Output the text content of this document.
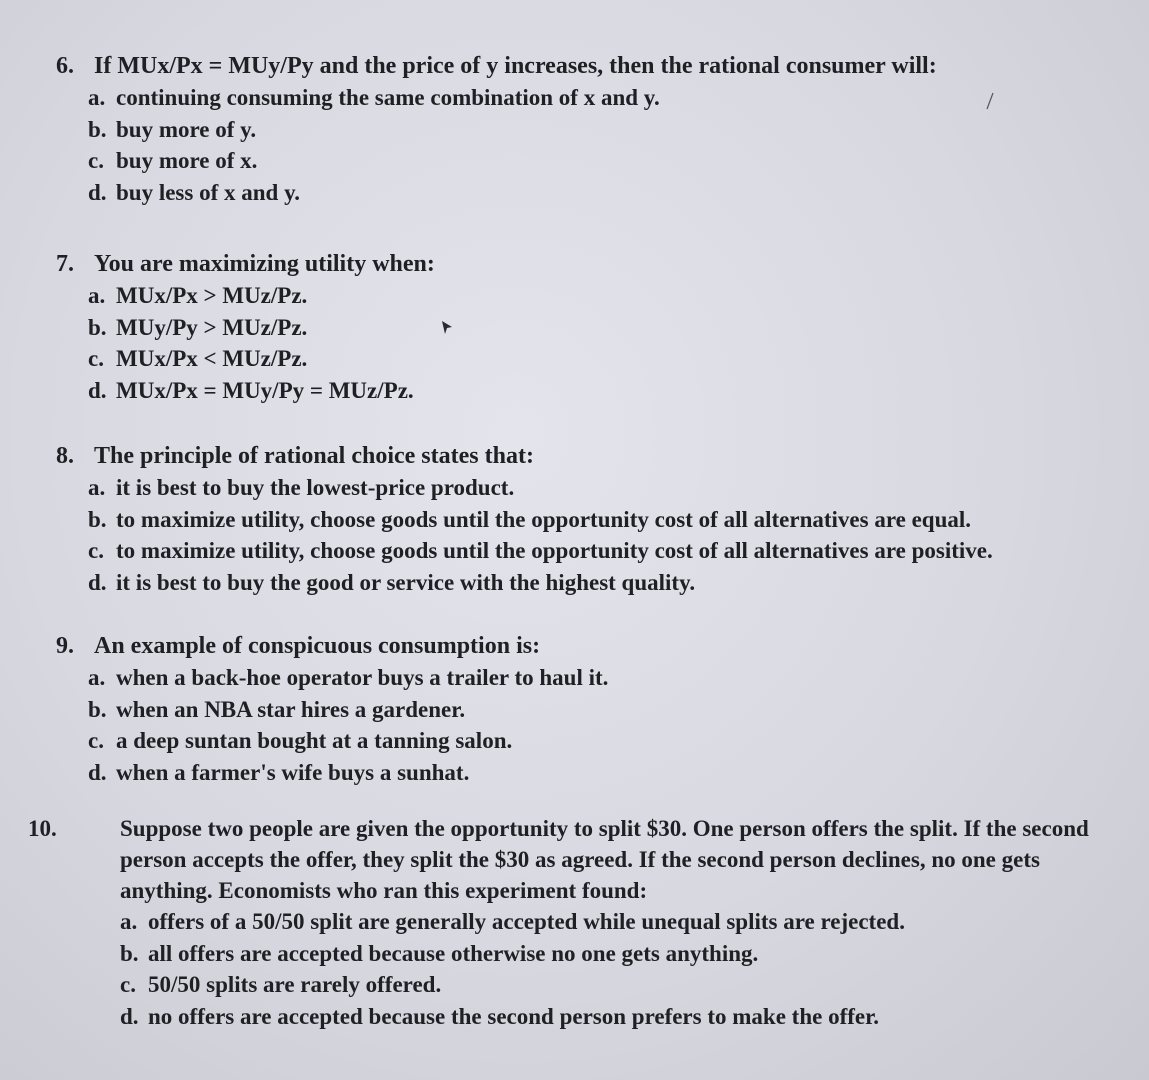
6. If MUx/Px = MUy/Py and the price of y increases, then the rational consumer will:
a. continuing consuming the same combination of x and y.
b. buy more of y.
c. buy more of x.
d. buy less of x and y.
7. You are maximizing utility when:
a. MUx/Px > MUz/Pz.
b. MUy/Py > MUz/Pz.
c. MUx/Px < MUz/Pz.
d. MUx/Px = MUy/Py = MUz/Pz.
8. The principle of rational choice states that:
a. it is best to buy the lowest-price product.
b. to maximize utility, choose goods until the opportunity cost of all alternatives are equal.
c. to maximize utility, choose goods until the opportunity cost of all alternatives are positive.
d. it is best to buy the good or service with the highest quality.
9. An example of conspicuous consumption is:
a. when a back-hoe operator buys a trailer to haul it.
b. when an NBA star hires a gardener.
c. a deep suntan bought at a tanning salon.
d. when a farmer's wife buys a sunhat.
10.	Suppose two people are given the opportunity to split $30. One person offers the split. If the second person accepts the offer, they split the $30 as agreed. If the second person declines, no one gets anything. Economists who ran this experiment found:
a. offers of a 50/50 split are generally accepted while unequal splits are rejected.
b. all offers are accepted because otherwise no one gets anything.
c. 50/50 splits are rarely offered.
d. no offers are accepted because the second person prefers to make the offer.
